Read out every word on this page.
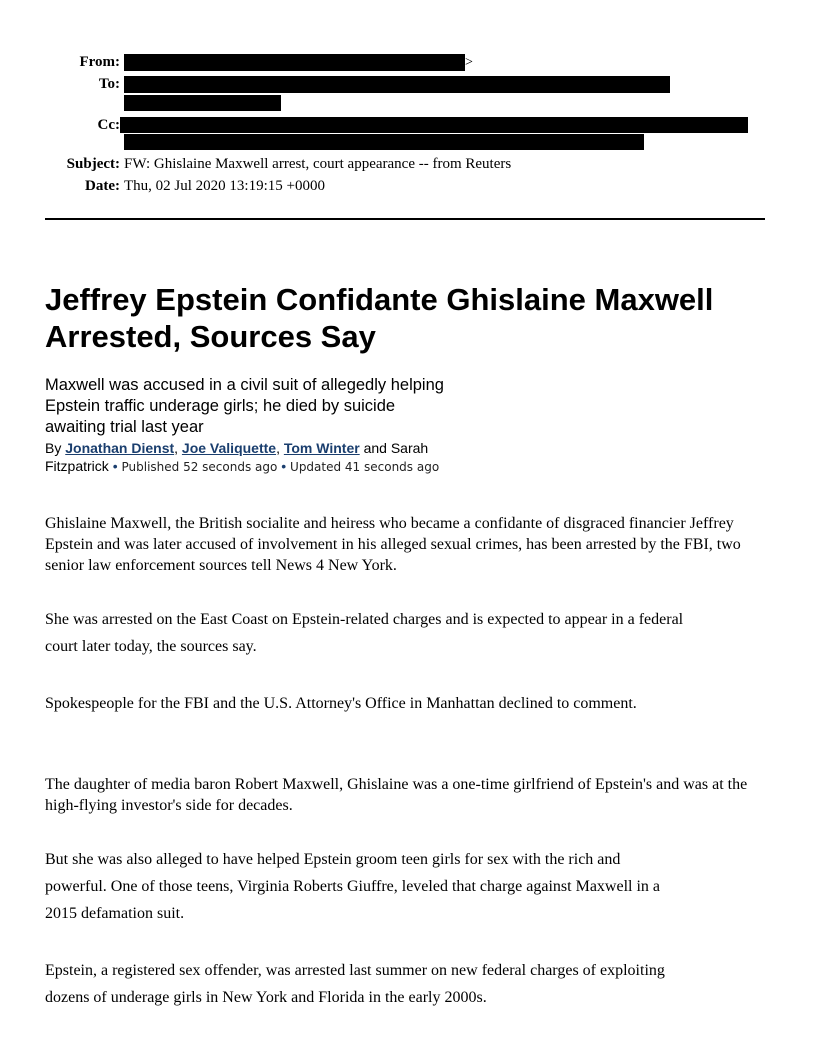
From:	>
To:
Cc:
Subject: FW: Ghislaine Maxwell arrest, court appearance -- from Reuters
Date: Thu, 02 Jul 2020 13:19:15 +0000
Jeffrey Epstein Confidante Ghislaine Maxwell Arrested, Sources Say

Maxwell was accused in a civil suit of allegedly helping Epstein traffic underage girls; he died by suicide awaiting trial last year

By Jonathan Dienst, Joe Valiquette, Tom Winter and Sarah Fitzpatrick • Published 52 seconds ago • Updated 41 seconds ago

Ghislaine Maxwell, the British socialite and heiress who became a confidante of disgraced financier Jeffrey Epstein and was later accused of involvement in his alleged sexual crimes, has been arrested by the FBI, two senior law enforcement sources tell News 4 New York.

She was arrested on the East Coast on Epstein-related charges and is expected to appear in a federal court later today, the sources say.

Spokespeople for the FBI and the U.S. Attorney's Office in Manhattan declined to comment.

The daughter of media baron Robert Maxwell, Ghislaine was a one-time girlfriend of Epstein's and was at the high-flying investor's side for decades.

But she was also alleged to have helped Epstein groom teen girls for sex with the rich and powerful. One of those teens, Virginia Roberts Giuffre, leveled that charge against Maxwell in a 2015 defamation suit.

Epstein, a registered sex offender, was arrested last summer on new federal charges of exploiting dozens of underage girls in New York and Florida in the early 2000s.
